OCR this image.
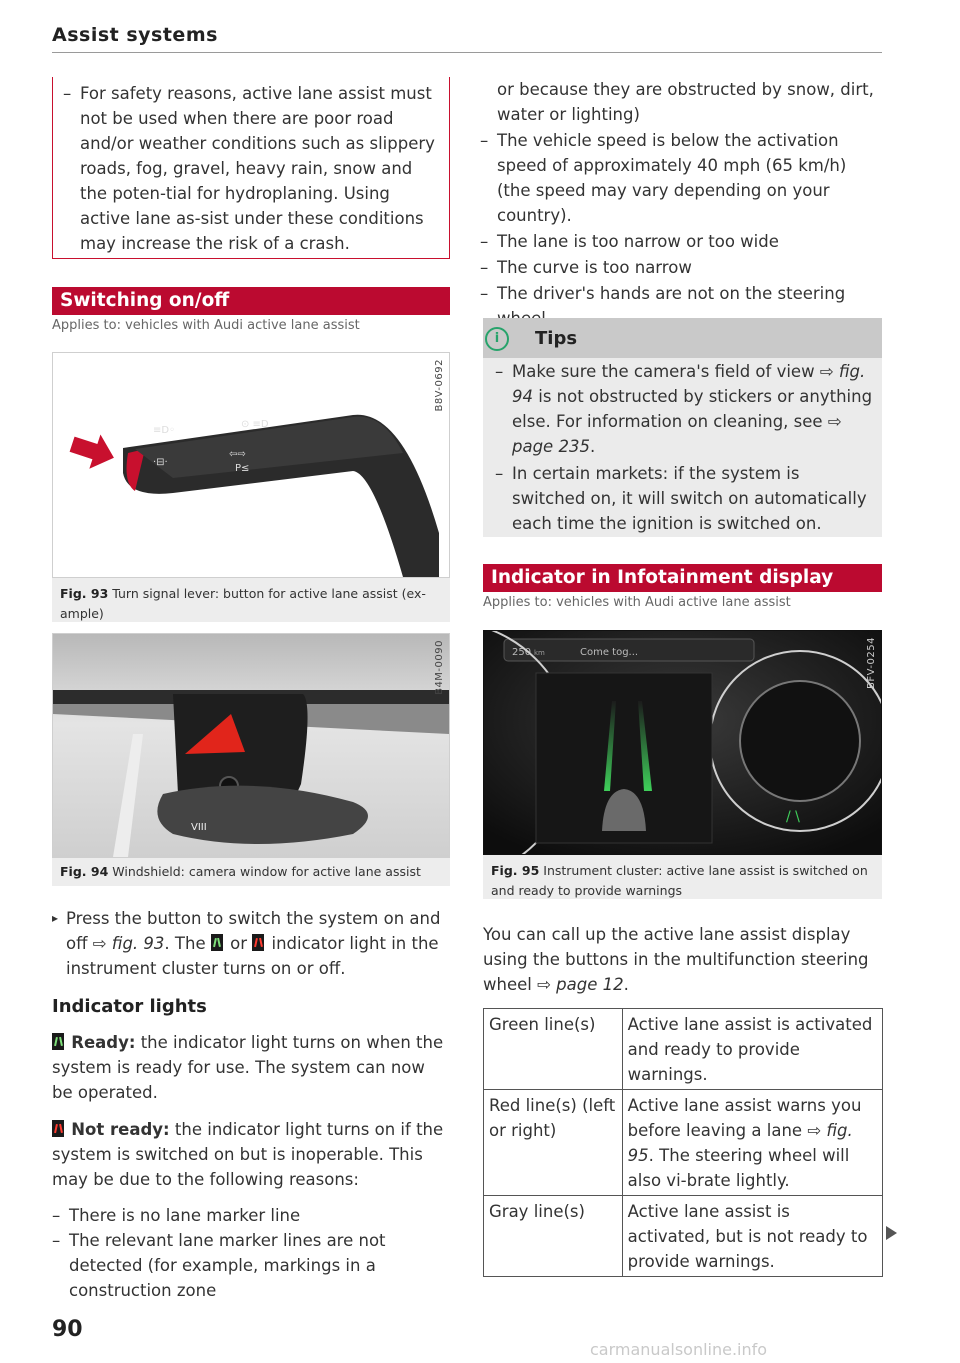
Assist systems
– For safety reasons, active lane assist must not be used when there are poor road and/or weather conditions such as slippery roads, fog, gravel, heavy rain, snow and the poten-tial for hydroplaning. Using active lane as-sist under these conditions may increase the risk of a crash.
Switching on/off
Applies to: vehicles with Audi active lane assist
≡D◦
⊙ ≡D
·⊟·
⇦⇨
P≤
B8V-0692
Fig. 93 Turn signal lever: button for active lane assist (ex-ample)
VIII
B4M-0090
Fig. 94 Windshield: camera window for active lane assist
▸ Press the button to switch the system on and off ⇨ fig. 93. The or indicator light in the instrument cluster turns on or off.
Indicator lights
Ready: the indicator light turns on when the system is ready for use. The system can now be operated.
Not ready: the indicator light turns on if the system is switched on but is inoperable. This may be due to the following reasons:
– There is no lane marker line
– The relevant lane marker lines are not detected (for example, markings in a construction zone
or because they are obstructed by snow, dirt, water or lighting)
– The vehicle speed is below the activation speed of approximately 40 mph (65 km/h) (the speed may vary depending on your country).
– The lane is too narrow or too wide
– The curve is too narrow
– The driver's hands are not on the steering
i	Tips
– Make sure the camera's field of view ⇨ fig. 94 is not obstructed by stickers or anything else. For information on cleaning, see ⇨ page 235.
– In certain markets: if the system is switched on, it will switch on automatically each time the ignition is switched on.
Indicator in Infotainment display
Applies to: vehicles with Audi active lane assist
250 km	Come tog...
/ \
BFV-0254
Fig. 95 Instrument cluster: active lane assist is switched on and ready to provide warnings
You can call up the active lane assist display using the buttons in the multifunction steering wheel ⇨ page 12.
Green line(s)	Active lane assist is activated and ready to provide warnings.
Red line(s) (left or right)	Active lane assist warns you before leaving a lane ⇨ fig. 95. The steering wheel will also vi-brate lightly.
Gray line(s)	Active lane assist is activated, but is not ready to provide warnings.
90
carmanualsonline.info
